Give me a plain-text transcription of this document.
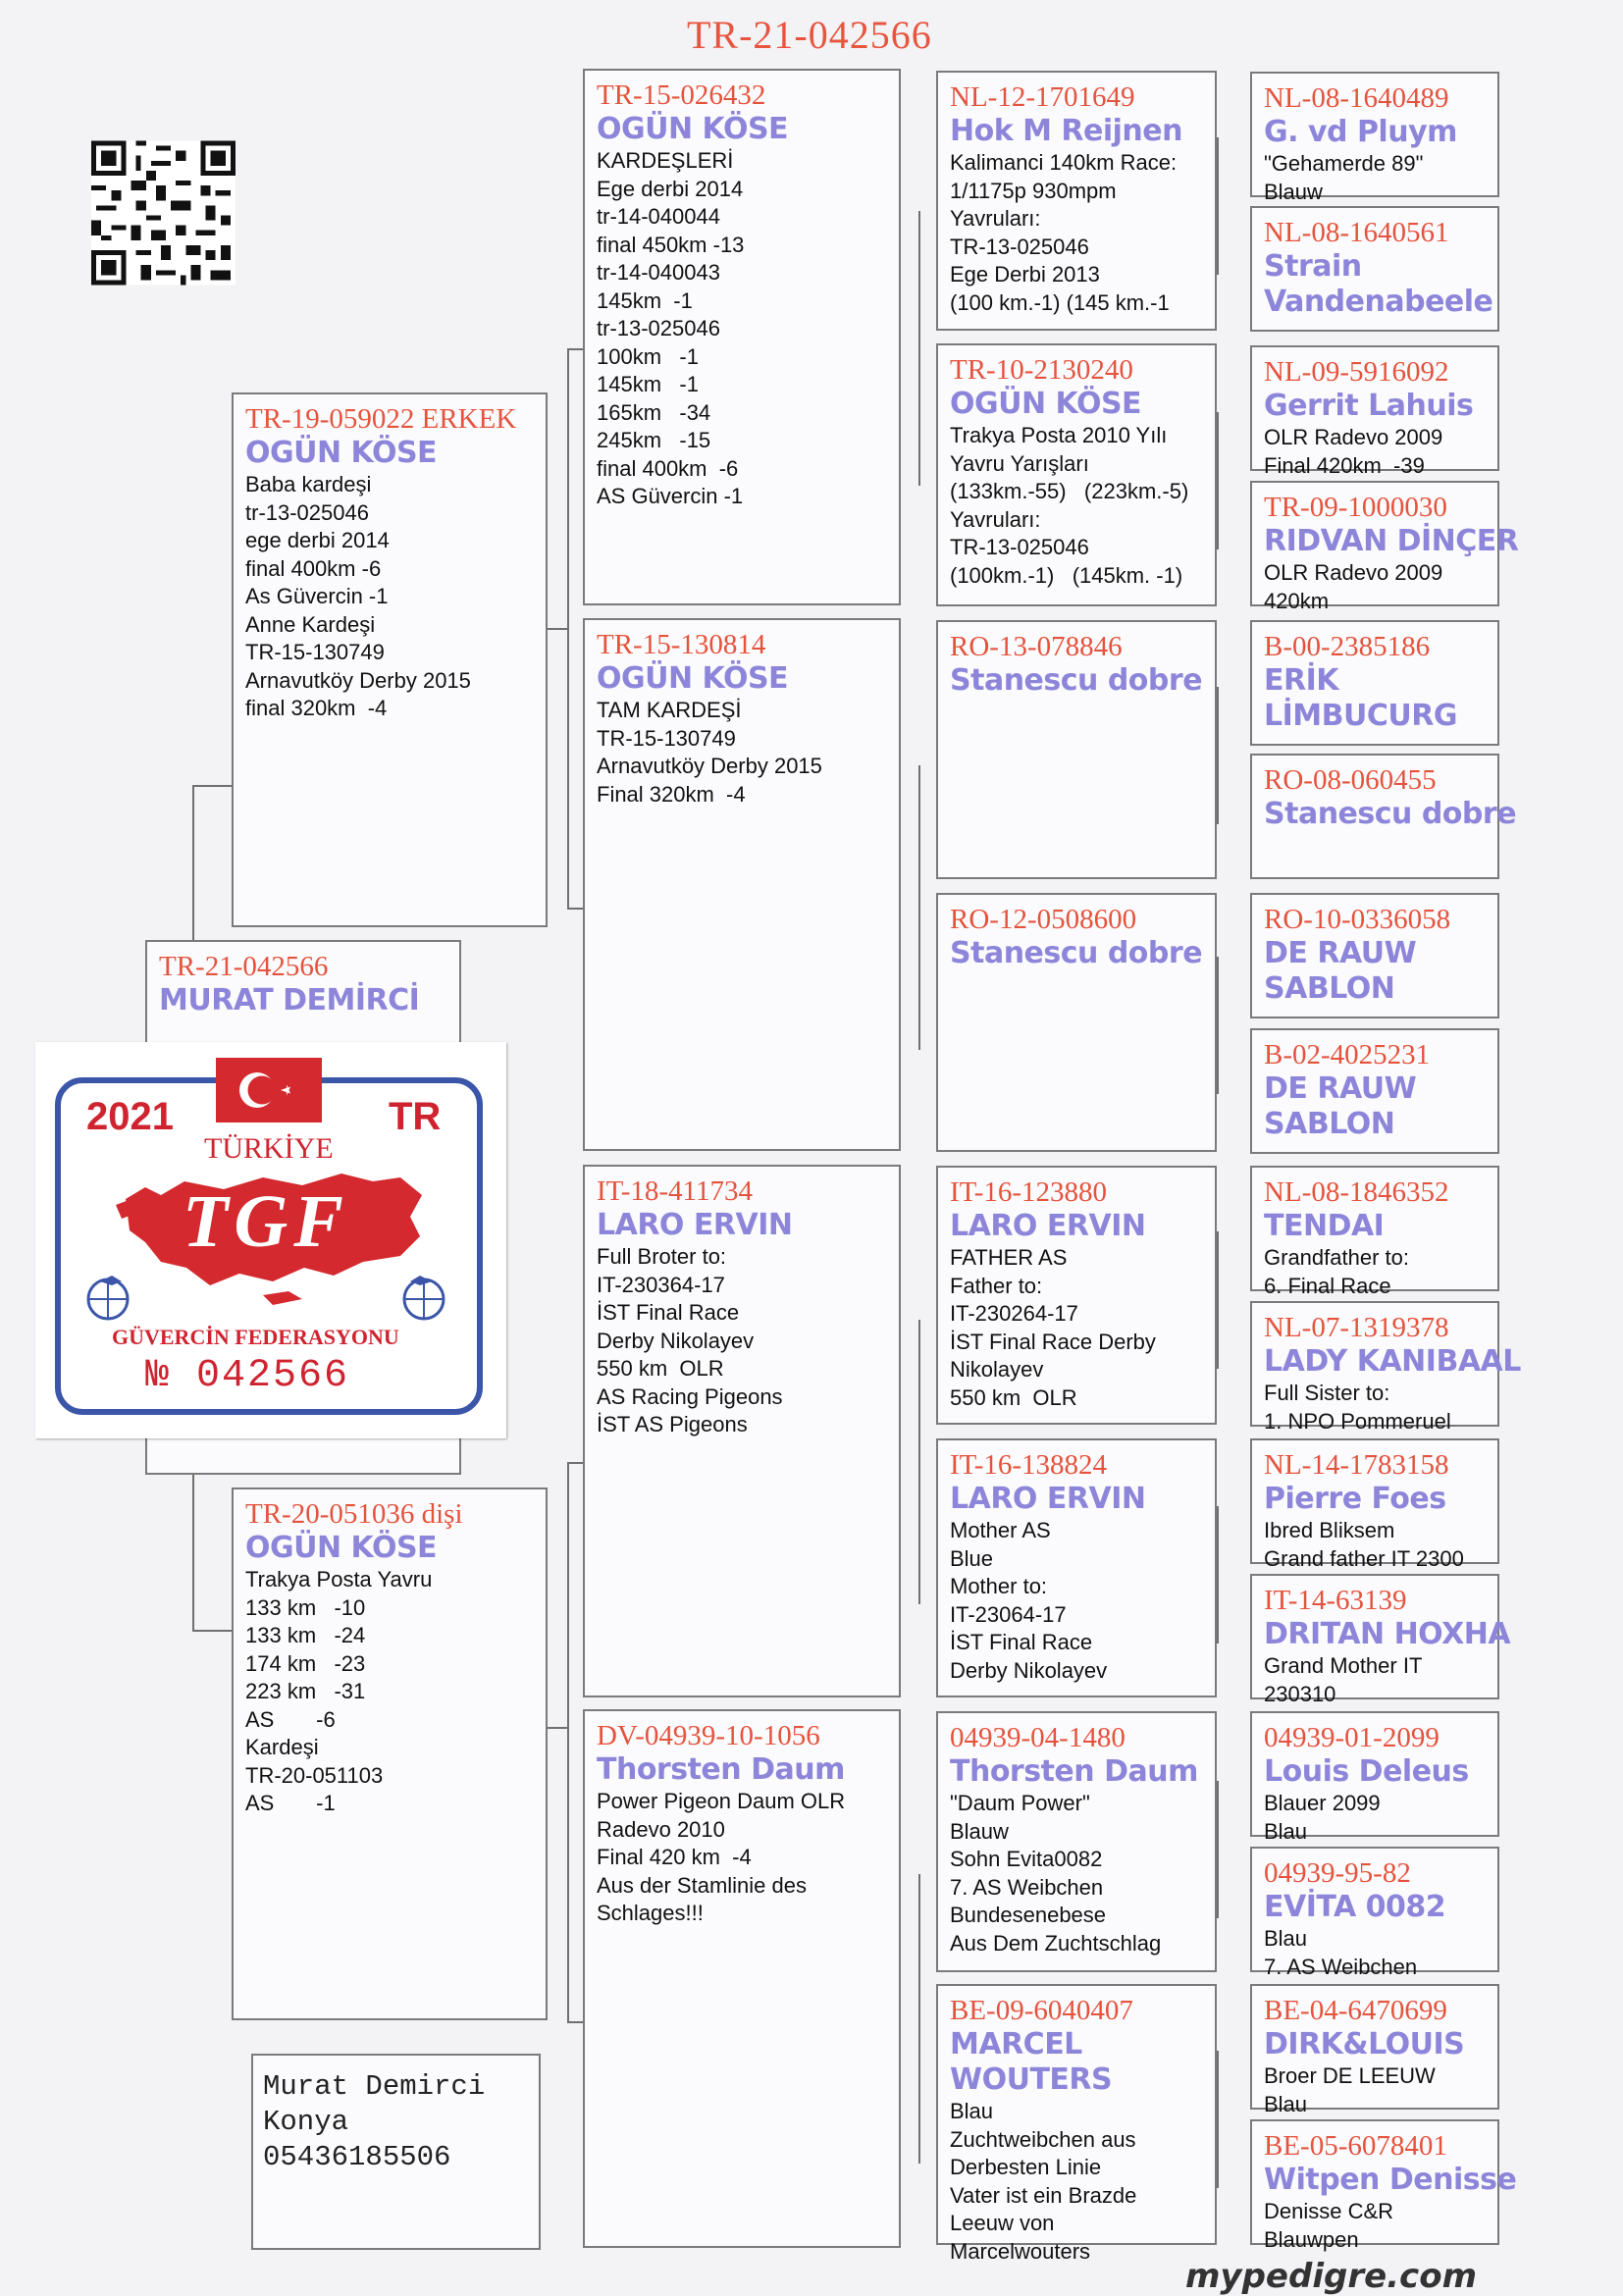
TR-21-042566
TR-21-042566
MURAT DEMİRCİ
TR-19-059022 ERKEK
OGÜN KÖSE
Baba kardeşi
tr-13-025046
ege derbi 2014
final 400km -6
As Güvercin -1
Anne Kardeşi
TR-15-130749
Arnavutköy Derby 2015
final 320km  -4
TR-20-051036 dişi
OGÜN KÖSE
Trakya Posta Yavru
133 km   -10
133 km   -24
174 km   -23
223 km   -31
AS       -6
Kardeşi
TR-20-051103
AS       -1
TR-15-026432
OGÜN KÖSE
KARDEŞLERİ
Ege derbi 2014
tr-14-040044
final 450km -13
tr-14-040043
145km  -1
tr-13-025046
100km   -1
145km   -1
165km   -34
245km   -15
final 400km  -6
AS Güvercin -1
TR-15-130814
OGÜN KÖSE
TAM KARDEŞİ
TR-15-130749
Arnavutköy Derby 2015
Final 320km  -4
IT-18-411734
LARO ERVIN
Full Broter to:
IT-230364-17
İST Final Race
Derby Nikolayev
550 km  OLR
AS Racing Pigeons
İST AS Pigeons
DV-04939-10-1056
Thorsten Daum
Power Pigeon Daum OLR
Radevo 2010
Final 420 km  -4
Aus der Stamlinie des
Schlages!!!
NL-12-1701649
Hok M Reijnen
Kalimanci 140km Race:
1/1175p 930mpm
Yavruları:
TR-13-025046
Ege Derbi 2013
(100 km.-1) (145 km.-1
TR-10-2130240
OGÜN KÖSE
Trakya Posta 2010 Yılı
Yavru Yarışları
(133km.-55)   (223km.-5)
Yavruları:
TR-13-025046
(100km.-1)   (145km. -1)
RO-13-078846
Stanescu dobre
RO-12-0508600
Stanescu dobre
IT-16-123880
LARO ERVIN
FATHER AS
Father to:
IT-230264-17
İST Final Race Derby
Nikolayev
550 km  OLR
IT-16-138824
LARO ERVIN
Mother AS
Blue
Mother to:
IT-23064-17
İST Final Race
Derby Nikolayev
04939-04-1480
Thorsten Daum
"Daum Power"
Blauw
Sohn Evita0082
7. AS Weibchen
Bundesenebese
Aus Dem Zuchtschlag
BE-09-6040407
MARCEL WOUTERS
Blau
Zuchtweibchen aus
Derbesten Linie
Vater ist ein Brazde
Leeuw von
Marcelwouters
NL-08-1640489
G. vd Pluym
"Gehamerde 89"
Blauw
NL-08-1640561
Strain
Vandenabeele
NL-09-5916092
Gerrit Lahuis
OLR Radevo 2009
Final 420km  -39
TR-09-1000030
RIDVAN DİNÇER
OLR Radevo 2009
420km
B-00-2385186
ERİK
LİMBUCURG
RO-08-060455
Stanescu dobre
RO-10-0336058
DE RAUW
SABLON
B-02-4025231
DE RAUW
SABLON
NL-08-1846352
TENDAI
Grandfather to:
6. Final Race
NL-07-1319378
LADY KANIBAAL
Full Sister to:
1. NPO Pommeruel
NL-14-1783158
Pierre Foes
Ibred Bliksem
Grand father IT 2300
IT-14-63139
DRITAN HOXHA
Grand Mother IT
230310
04939-01-2099
Louis Deleus
Blauer 2099
Blau
04939-95-82
EVİTA 0082
Blau
7. AS Weibchen
BE-04-6470699
DIRK&LOUIS
Broer DE LEEUW
Blau
BE-05-6078401
Witpen Denisse
Denisse C&R
Blauwpen
2021	TR
TÜRKİYE
TGF
GÜVERCİN FEDERASYONU
№ 042566
Murat Demirci
Konya
05436185506
mypedigre.com
